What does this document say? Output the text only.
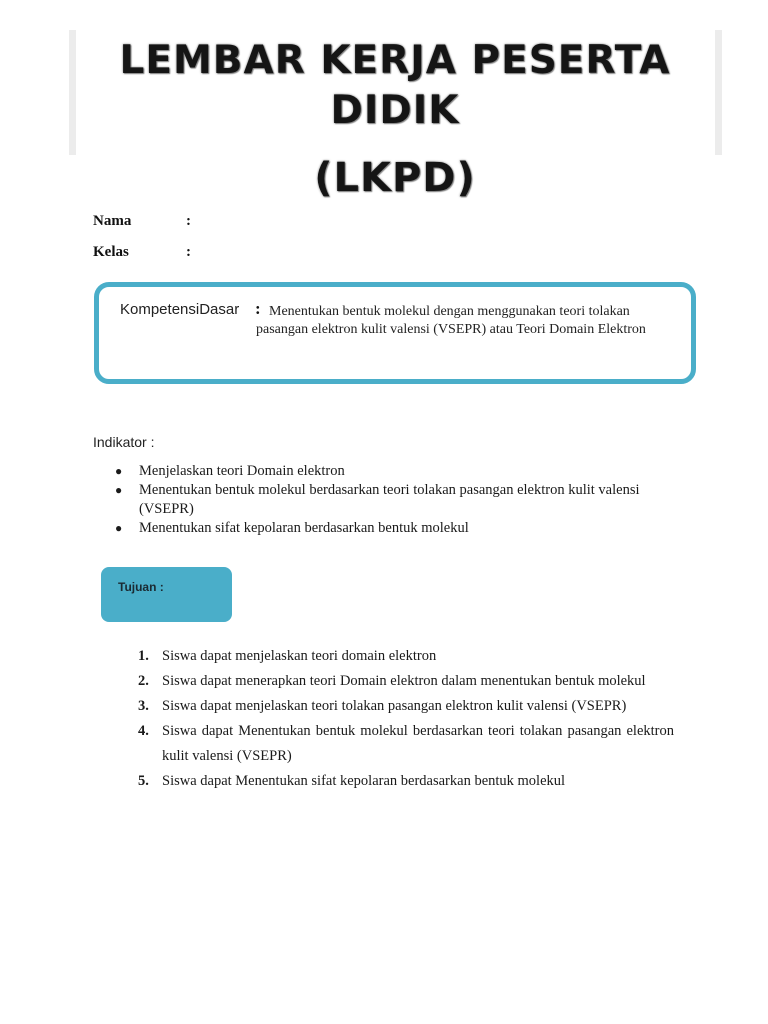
LEMBAR KERJA PESERTA
DIDIK
(LKPD)
Nama	:
Kelas	:
KompetensiDasar : Menentukan bentuk molekul dengan menggunakan teori tolakan pasangan elektron kulit valensi (VSEPR) atau Teori Domain Elektron
Indikator :
● Menjelaskan teori Domain elektron
● Menentukan bentuk molekul berdasarkan teori tolakan pasangan elektron kulit valensi (VSEPR)
● Menentukan sifat kepolaran berdasarkan bentuk molekul
Tujuan :
1. Siswa dapat menjelaskan teori domain elektron
2. Siswa dapat menerapkan teori Domain elektron dalam menentukan bentuk molekul
3. Siswa dapat menjelaskan teori tolakan pasangan elektron kulit valensi (VSEPR)
4. Siswa dapat Menentukan bentuk molekul berdasarkan teori tolakan pasangan elektron kulit valensi (VSEPR)
5. Siswa dapat Menentukan sifat kepolaran berdasarkan bentuk molekul
